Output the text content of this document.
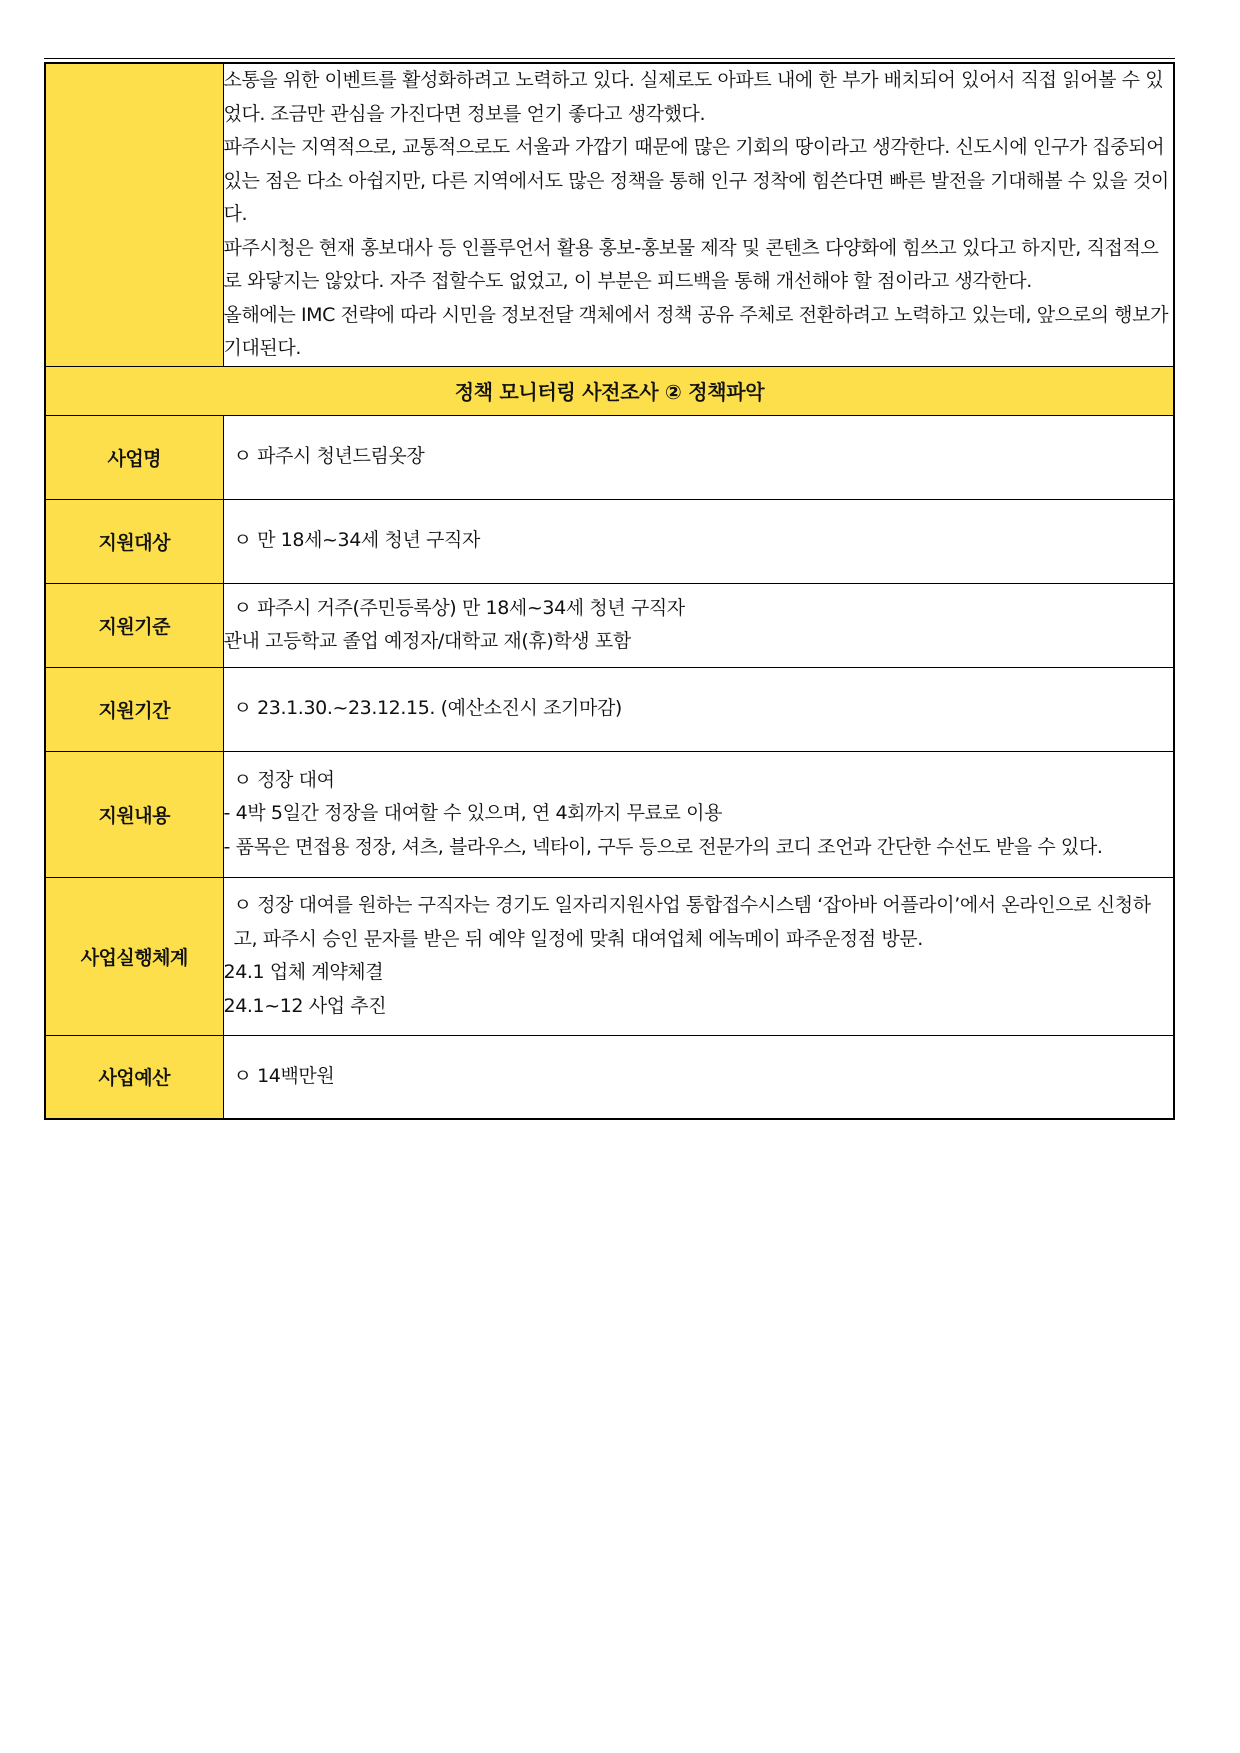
	소통을 위한 이벤트를 활성화하려고 노력하고 있다. 실제로도 아파트 내에 한 부가 배치되어 있어서 직접 읽어볼 수 있었다. 조금만 관심을 가진다면 정보를 얻기 좋다고 생각했다.

파주시는 지역적으로, 교통적으로도 서울과 가깝기 때문에 많은 기회의 땅이라고 생각한다. 신도시에 인구가 집중되어 있는 점은 다소 아쉽지만, 다른 지역에서도 많은 정책을 통해 인구 정착에 힘쓴다면 빠른 발전을 기대해볼 수 있을 것이다.

파주시청은 현재 홍보대사 등 인플루언서 활용 홍보-홍보물 제작 및 콘텐츠 다양화에 힘쓰고 있다고 하지만, 직접적으로 와닿지는 않았다. 자주 접할수도 없었고, 이 부분은 피드백을 통해 개선해야 할 점이라고 생각한다.

올해에는 IMC 전략에 따라 시민을 정보전달 객체에서 정책 공유 주체로 전환하려고 노력하고 있는데, 앞으로의 행보가 기대된다.

정책 모니터링 사전조사 ② 정책파악	
사업명	ㅇ 파주시 청년드림옷장

지원대상	ㅇ 만 18세~34세 청년 구직자

지원기준	ㅇ 파주시 거주(주민등록상) 만 18세~34세 청년 구직자

관내 고등학교 졸업 예정자/대학교 재(휴)학생 포함

지원기간	ㅇ 23.1.30.~23.12.15. (예산소진시 조기마감)

지원내용	ㅇ 정장 대여

- 4박 5일간 정장을 대여할 수 있으며, 연 4회까지 무료로 이용

- 품목은 면접용 정장, 셔츠, 블라우스, 넥타이, 구두 등으로 전문가의 코디 조언과 간단한 수선도 받을 수 있다.

사업실행체계	ㅇ 정장 대여를 원하는 구직자는 경기도 일자리지원사업 통합접수시스템 ‘잡아바 어플라이’에서 온라인으로 신청하고, 파주시 승인 문자를 받은 뒤 예약 일정에 맞춰 대여업체 에녹메이 파주운정점 방문.

24.1 업체 계약체결

24.1~12 사업 추진

사업예산	ㅇ 14백만원
